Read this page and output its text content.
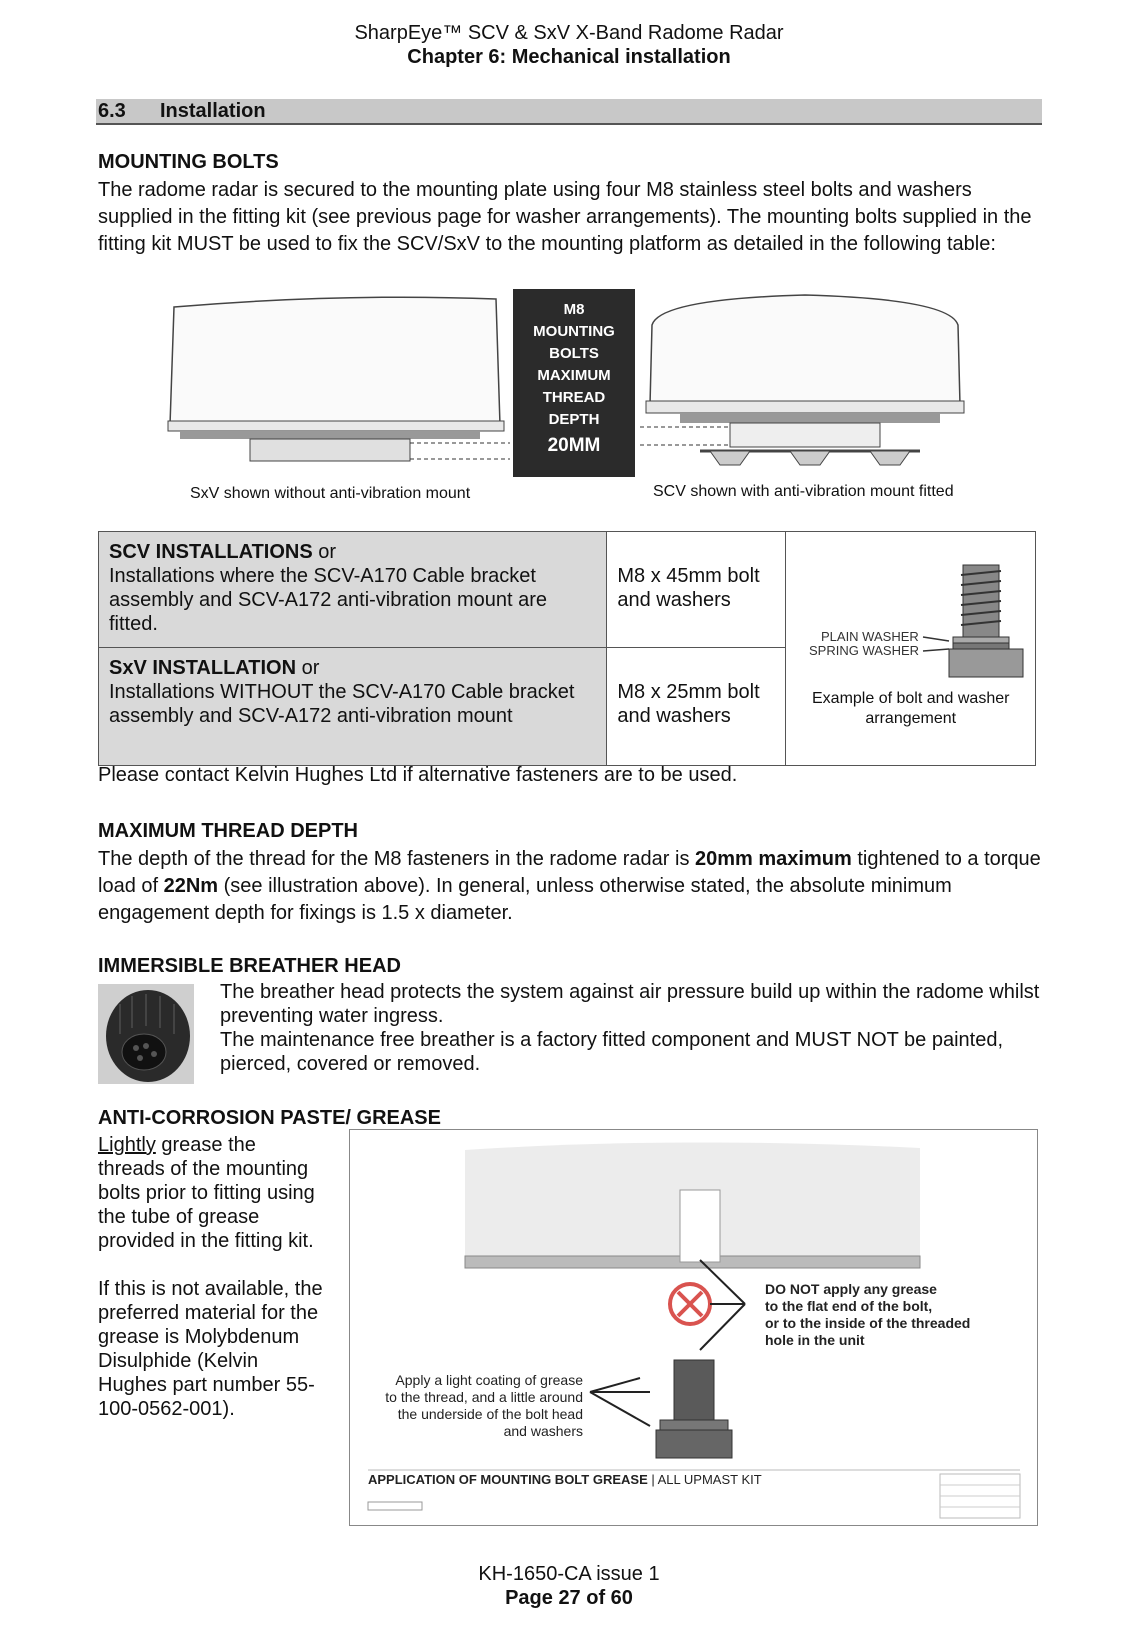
SharpEye™ SCV & SxV X-Band Radome Radar
Chapter 6: Mechanical installation
6.3 Installation
MOUNTING BOLTS
The radome radar is secured to the mounting plate using four M8 stainless steel bolts and washers supplied in the fitting kit (see previous page for washer arrangements). The mounting bolts supplied in the fitting kit MUST be used to fix the SCV/SxV to the mounting platform as detailed in the following table:
M8
MOUNTING
BOLTS
MAXIMUM
THREAD
DEPTH
20MM
SxV shown without anti-vibration mount	SCV shown with anti-vibration mount fitted
SCV INSTALLATIONS or
Installations where the SCV-A170 Cable bracket assembly and SCV-A172 anti-vibration mount are fitted.	M8 x 45mm bolt and washers	PLAIN WASHER
SPRING WASHER
Example of bolt and washer arrangement

SxV INSTALLATION or
Installations WITHOUT the SCV-A170 Cable bracket assembly and SCV-A172 anti-vibration mount	M8 x 25mm bolt and washers	
Please contact Kelvin Hughes Ltd if alternative fasteners are to be used.
MAXIMUM THREAD DEPTH
The depth of the thread for the M8 fasteners in the radome radar is 20mm maximum tightened to a torque load of 22Nm (see illustration above). In general, unless otherwise stated, the absolute minimum engagement depth for fixings is 1.5 x diameter.
IMMERSIBLE BREATHER HEAD
The breather head protects the system against air pressure build up within the radome whilst preventing water ingress.
The maintenance free breather is a factory fitted component and MUST NOT be painted, pierced, covered or removed.
ANTI-CORROSION PASTE/ GREASE
Lightly grease the threads of the mounting bolts prior to fitting using the tube of grease provided in the fitting kit.
If this is not available, the preferred material for the grease is Molybdenum Disulphide (Kelvin Hughes part number 55-100-0562-001).
DO NOT apply any grease
to the flat end of the bolt,
or to the inside of the threaded
hole in the unit
Apply a light coating of grease
to the thread, and a little around
the underside of the bolt head
and washers
APPLICATION OF MOUNTING BOLT GREASE | ALL UPMAST KIT
KH-1650-CA issue 1
Page 27 of 60
